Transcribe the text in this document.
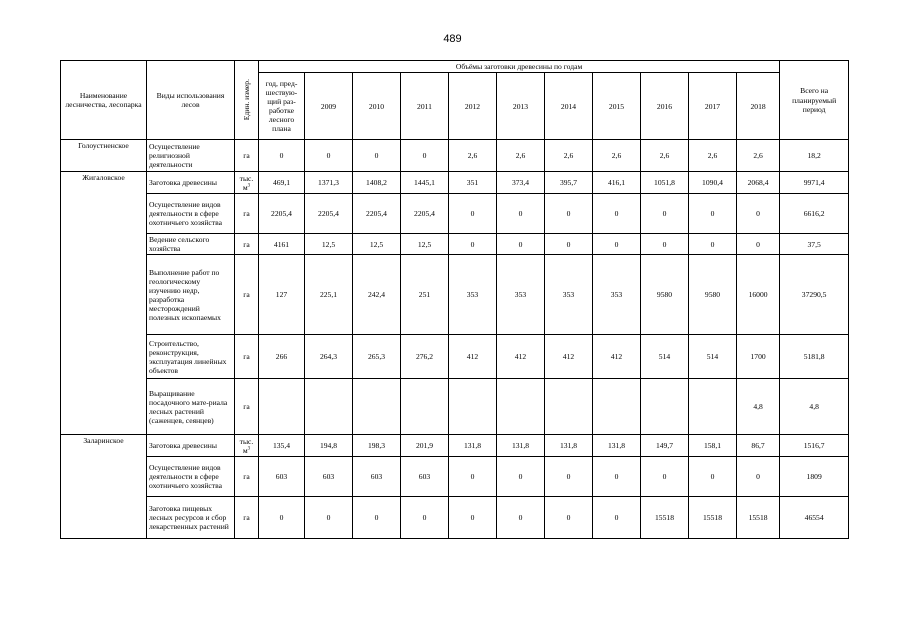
489
Наименование лесничества, лесопарка	Виды использования лесов	Един. измер.	Объёмы заготовки древесины по годам											Всего на планируемый период
			год, пред-шествую-щий раз-работке лесного плана	2009	2010	2011	2012	2013	2014	2015	2016	2017	2018	
Голоустненское	Осуществление религиозной деятельности	га	0	0	0	0	2,6	2,6	2,6	2,6	2,6	2,6	2,6	18,2
Жигаловское	Заготовка древесины	тыс. $м^3$	469,1	1371,3	1408,2	1445,1	351	373,4	395,7	416,1	1051,8	1090,4	2068,4	9971,4
	Осуществление видов деятельности в сфере охотничьего хозяйства	га	2205,4	2205,4	2205,4	2205,4	0	0	0	0	0	0	0	6616,2
	Ведение сельского хозяйства	га	4161	12,5	12,5	12,5	0	0	0	0	0	0	0	37,5
	Выполнение работ по геологическому изучению недр, разработка месторождений полезных ископаемых	га	127	225,1	242,4	251	353	353	353	353	9580	9580	16000	37290,5
	Строительство, реконструкция, эксплуатация линейных объектов	га	266	264,3	265,3	276,2	412	412	412	412	514	514	1700	5181,8
	Выращивание посадочного мате-риала лесных растений (саженцев, сеянцев)	га											4,8	4,8
Заларинское	Заготовка древесины	тыс. $м^3$	135,4	194,8	198,3	201,9	131,8	131,8	131,8	131,8	149,7	158,1	86,7	1516,7
	Осуществление видов деятельности в сфере охотничьего хозяйства	га	603	603	603	603	0	0	0	0	0	0	0	1809
	Заготовка пищевых лесных ресурсов и сбор лекарственных растений	га	0	0	0	0	0	0	0	0	15518	15518	15518	46554
